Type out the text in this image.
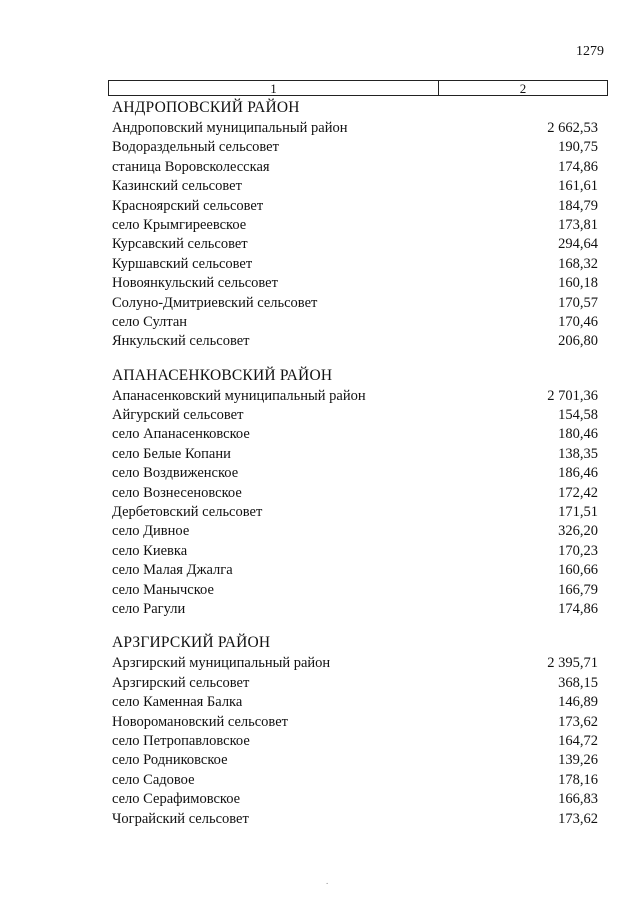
1279
1	2
АНДРОПОВСКИЙ РАЙОН
Андроповский муниципальный район	2 662,53
Водораздельный сельсовет	190,75
станица Воровсколесская	174,86
Казинский сельсовет	161,61
Красноярский сельсовет	184,79
село Крымгиреевское	173,81
Курсавский сельсовет	294,64
Куршавский сельсовет	168,32
Новоянкульский сельсовет	160,18
Солуно-Дмитриевский сельсовет	170,57
село Султан	170,46
Янкульский сельсовет	206,80
АПАНАСЕНКОВСКИЙ РАЙОН
Апанасенковский муниципальный район	2 701,36
Айгурский сельсовет	154,58
село Апанасенковское	180,46
село Белые Копани	138,35
село Воздвиженское	186,46
село Вознесеновское	172,42
Дербетовский сельсовет	171,51
село Дивное	326,20
село Киевка	170,23
село Малая Джалга	160,66
село Манычское	166,79
село Рагули	174,86
АРЗГИРСКИЙ РАЙОН
Арзгирский муниципальный район	2 395,71
Арзгирский сельсовет	368,15
село Каменная Балка	146,89
Новоромановский сельсовет	173,62
село Петропавловское	164,72
село Родниковское	139,26
село Садовое	178,16
село Серафимовское	166,83
Чограйский сельсовет	173,62
.
